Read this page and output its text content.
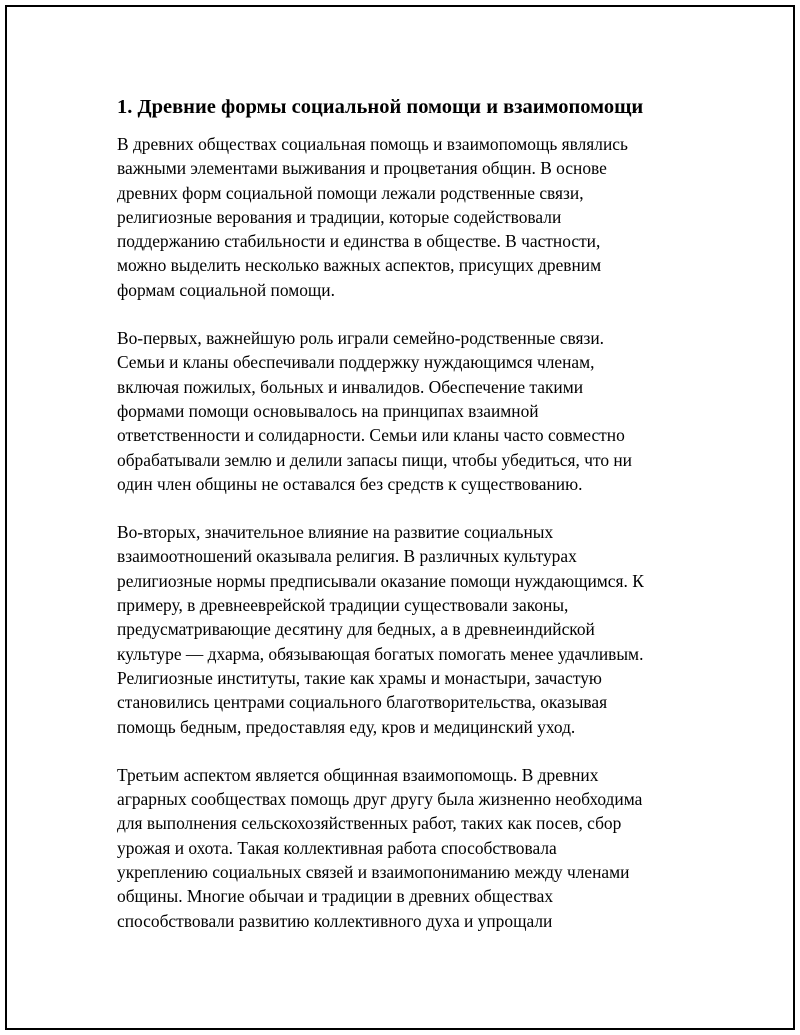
1. Древние формы социальной помощи и взаимопомощи

В древних обществах социальная помощь и взаимопомощь являлись
важными элементами выживания и процветания общин. В основе
древних форм социальной помощи лежали родственные связи,
религиозные верования и традиции, которые содействовали
поддержанию стабильности и единства в обществе. В частности,
можно выделить несколько важных аспектов, присущих древним
формам социальной помощи.

Во-первых, важнейшую роль играли семейно-родственные связи.
Семьи и кланы обеспечивали поддержку нуждающимся членам,
включая пожилых, больных и инвалидов. Обеспечение такими
формами помощи основывалось на принципах взаимной
ответственности и солидарности. Семьи или кланы часто совместно
обрабатывали землю и делили запасы пищи, чтобы убедиться, что ни
один член общины не оставался без средств к существованию.

Во-вторых, значительное влияние на развитие социальных
взаимоотношений оказывала религия. В различных культурах
религиозные нормы предписывали оказание помощи нуждающимся. К
примеру, в древнееврейской традиции существовали законы,
предусматривающие десятину для бедных, а в древнеиндийской
культуре — дхарма, обязывающая богатых помогать менее удачливым.
Религиозные институты, такие как храмы и монастыри, зачастую
становились центрами социального благотворительства, оказывая
помощь бедным, предоставляя еду, кров и медицинский уход.

Третьим аспектом является общинная взаимопомощь. В древних
аграрных сообществах помощь друг другу была жизненно необходима
для выполнения сельскохозяйственных работ, таких как посев, сбор
урожая и охота. Такая коллективная работа способствовала
укреплению социальных связей и взаимопониманию между членами
общины. Многие обычаи и традиции в древних обществах
способствовали развитию коллективного духа и упрощали
